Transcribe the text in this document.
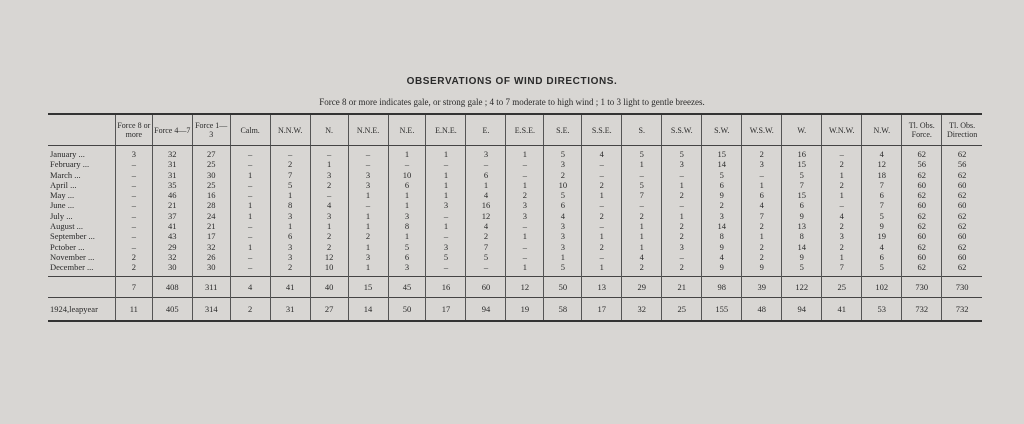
OBSERVATIONS OF WIND DIRECTIONS.
Force 8 or more indicates gale, or strong gale ; 4 to 7 moderate to high wind ; 1 to 3 light to gentle breezes.
	Force 8 or more	Force 4—7	Force 1—3	Calm.	N.N.W.	N.	N.N.E.	N.E.	E.N.E.	E.	E.S.E.	S.E.	S.S.E.	S.	S.S.W.	S.W.	W.S.W.	W.	W.N.W.	N.W.	Tl. Obs. Force.	Tl. Obs. Direction
January ...	3	32	27	–	–	–	–	1	1	3	1	5	4	5	5	15	2	16	–	4	62	62
February ...	–	31	25	–	2	1	–	–	–	–	–	3	–	1	3	14	3	15	2	12	56	56
March ...	–	31	30	1	7	3	3	10	1	6	–	2	–	–	–	5	–	5	1	18	62	62
April ...	–	35	25	–	5	2	3	6	1	1	1	10	2	5	1	6	1	7	2	7	60	60
May ...	–	46	16	–	1	–	1	1	1	4	2	5	1	7	2	9	6	15	1	6	62	62
June ...	–	21	28	1	8	4	–	1	3	16	3	6	–	–	–	2	4	6	–	7	60	60
July ...	–	37	24	1	3	3	1	3	–	12	3	4	2	2	1	3	7	9	4	5	62	62
August ...	–	41	21	–	1	1	1	8	1	4	–	3	–	1	2	14	2	13	2	9	62	62
September ...	–	43	17	–	6	2	2	1	–	2	1	3	1	1	2	8	1	8	3	19	60	60
Pctober ...	–	29	32	1	3	2	1	5	3	7	–	3	2	1	3	9	2	14	2	4	62	62
November ...	2	32	26	–	3	12	3	6	5	5	–	1	–	4	–	4	2	9	1	6	60	60
December ...	2	30	30	–	2	10	1	3	–	–	1	5	1	2	2	9	9	5	7	5	62	62
	7	408	311	4	41	40	15	45	16	60	12	50	13	29	21	98	39	122	25	102	730	730
1924,leapyear	11	405	314	2	31	27	14	50	17	94	19	58	17	32	25	155	48	94	41	53	732	732
